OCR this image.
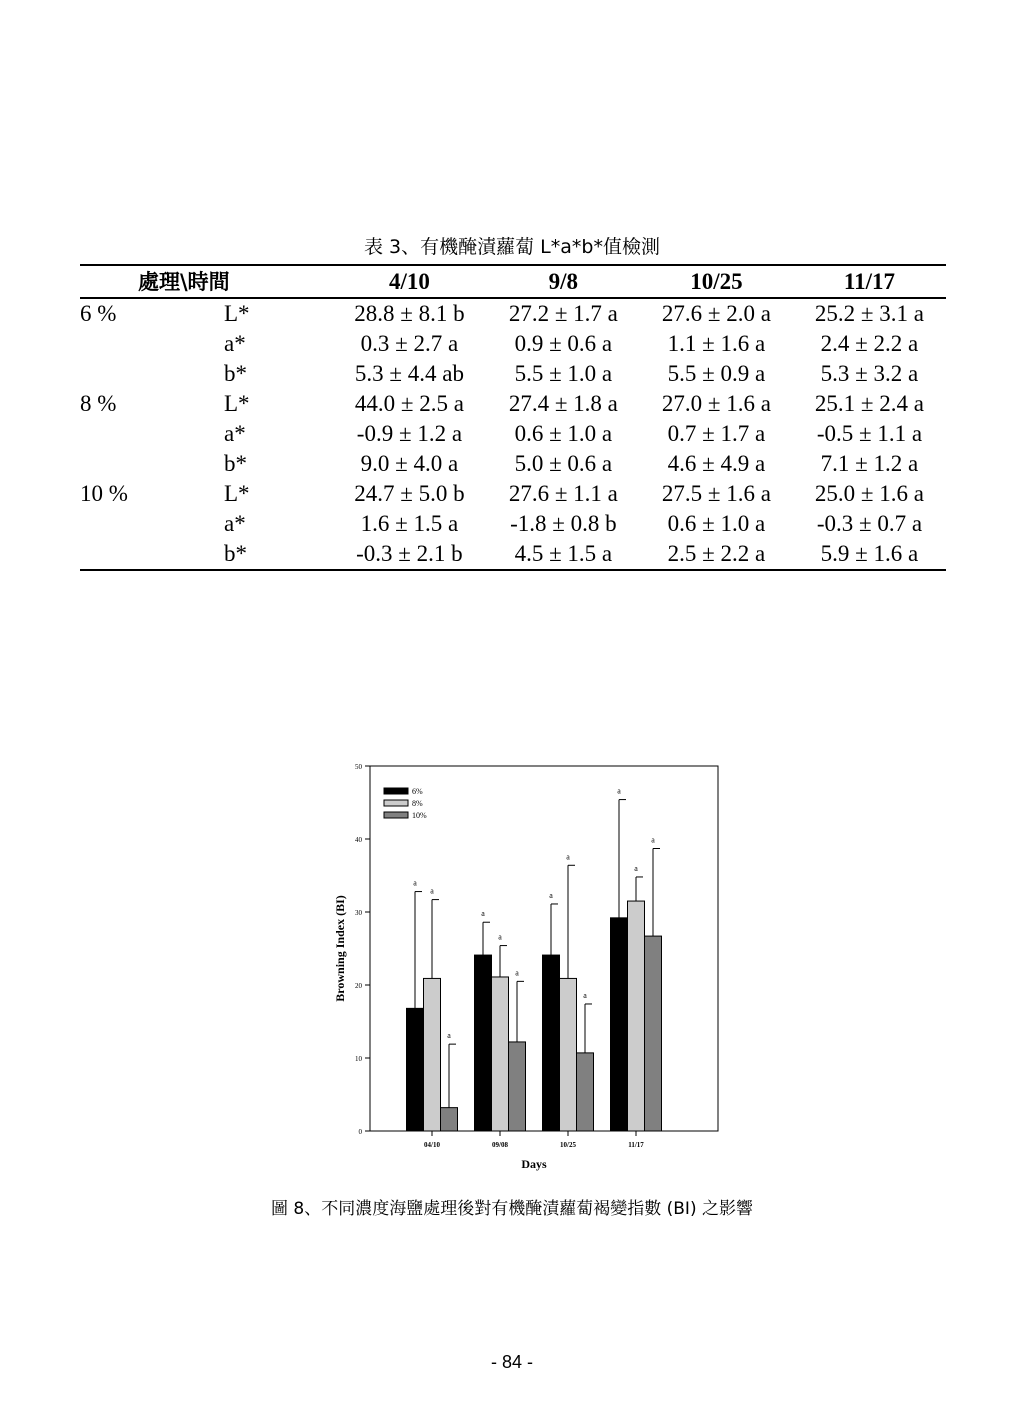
表 3、有機醃漬蘿蔔 L*a*b*值檢測
處理\時間		4/10	9/8	10/25	11/17
6 %	L*	28.8 ± 8.1 b	27.2 ± 1.7 a	27.6 ± 2.0 a	25.2 ± 3.1 a
	a*	0.3 ± 2.7 a	0.9 ± 0.6 a	1.1 ± 1.6 a	2.4 ± 2.2 a
	b*	5.3 ± 4.4 ab	5.5 ± 1.0 a	5.5 ± 0.9 a	5.3 ± 3.2 a
8 %	L*	44.0 ± 2.5 a	27.4 ± 1.8 a	27.0 ± 1.6 a	25.1 ± 2.4 a
	a*	-0.9 ± 1.2 a	0.6 ± 1.0 a	0.7 ± 1.7 a	-0.5 ± 1.1 a
	b*	9.0 ± 4.0 a	5.0 ± 0.6 a	4.6 ± 4.9 a	7.1 ± 1.2 a
10 %	L*	24.7 ± 5.0 b	27.6 ± 1.1 a	27.5 ± 1.6 a	25.0 ± 1.6 a
	a*	1.6 ± 1.5 a	-1.8 ± 0.8 b	0.6 ± 1.0 a	-0.3 ± 0.7 a
	b*	-0.3 ± 2.1 b	4.5 ± 1.5 a	2.5 ± 2.2 a	5.9 ± 1.6 a
0
10
20
30
40
50
04/10
a
a
a
09/08
a
a
a
10/25
a
a
a
11/17
a
a
a
6%
8%
10%
Days
Browning Index (BI)
圖 8、不同濃度海鹽處理後對有機醃漬蘿蔔褐變指數 (BI) 之影響
- 84 -
